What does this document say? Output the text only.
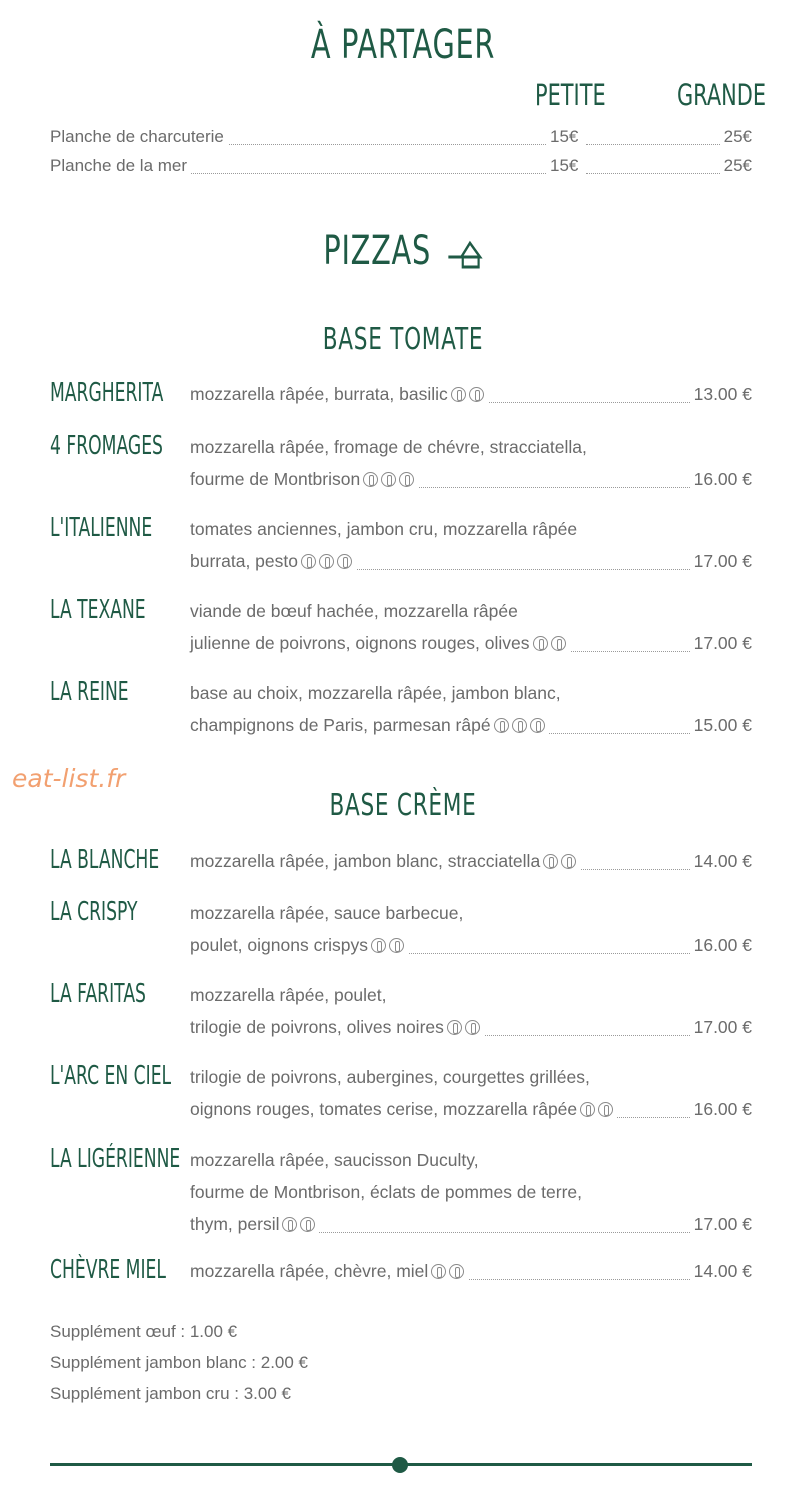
À PARTAGER
PETITE GRANDE
Planche de charcuterie	15€	25€
Planche de la mer	15€	25€
PIZZAS
BASE TOMATE
BASE CRÈME
MARGHERITA mozzarella râpée, burrata, basilic	13.00 €
4 FROMAGES mozzarella râpée, fromage de chévre, stracciatella,
fourme de Montbrison	16.00 €
L'ITALIENNE tomates anciennes, jambon cru, mozzarella râpée
burrata, pesto	17.00 €
LA TEXANE	viande de bœuf hachée, mozzarella râpée
julienne de poivrons, oignons rouges, olives	17.00 €
LA REINE	base au choix, mozzarella râpée, jambon blanc,
champignons de Paris, parmesan râpé	15.00 €
LA BLANCHE mozzarella râpée, jambon blanc, stracciatella	14.00 €
LA CRISPY	mozzarella râpée, sauce barbecue,
poulet, oignons crispys	16.00 €
LA FARITAS	mozzarella râpée, poulet,
trilogie de poivrons, olives noires	17.00 €
L'ARC EN CIEL trilogie de poivrons, aubergines, courgettes grillées,
oignons rouges, tomates cerise, mozzarella râpée	16.00 €
LA LIGÉRIENNE mozzarella râpée, saucisson Duculty,
fourme de Montbrison, éclats de pommes de terre,
thym, persil	17.00 €
CHÈVRE MIEL mozzarella râpée, chèvre, miel	14.00 €
eat-list.fr
Supplément œuf : 1.00 €
Supplément jambon blanc : 2.00 €
Supplément jambon cru : 3.00 €
